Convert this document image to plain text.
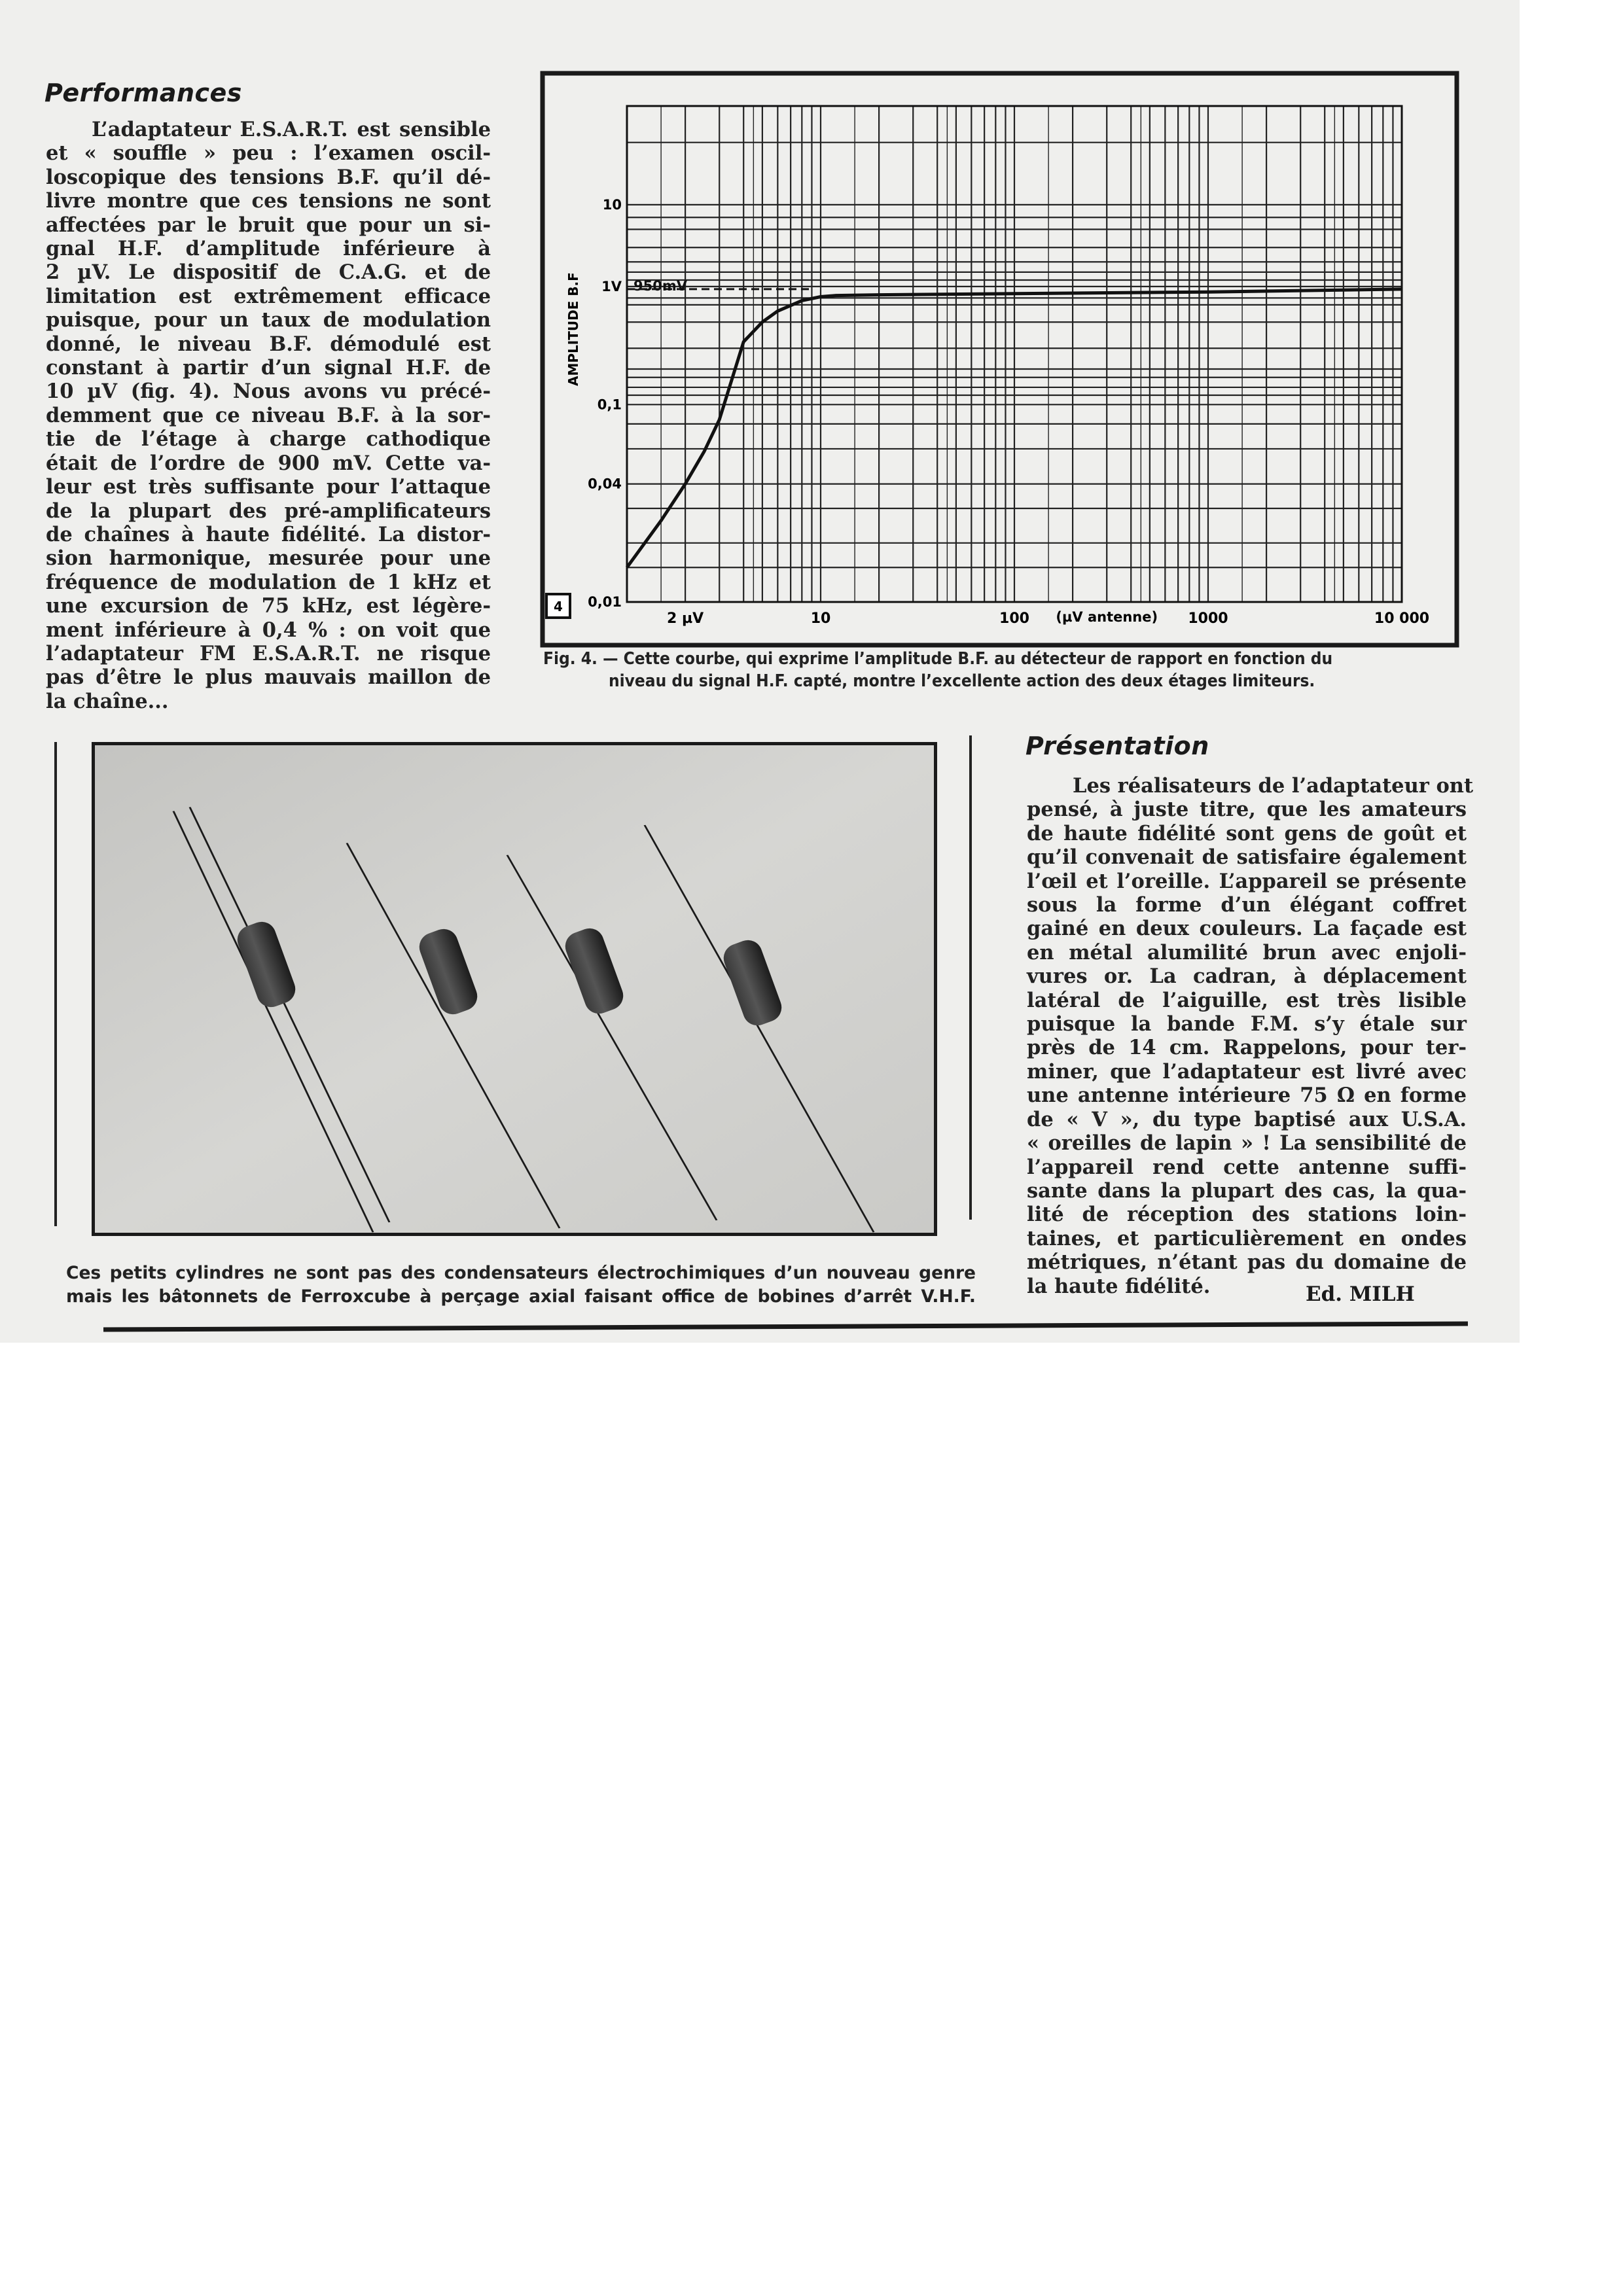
Performances
L’adaptateur E.S.A.R.T. est sensible
et « souffle » peu : l’examen oscil-
loscopique des tensions B.F. qu’il dé-
livre montre que ces tensions ne sont
affectées par le bruit que pour un si-
gnal H.F. d’amplitude inférieure à
2 µV. Le dispositif de C.A.G. et de
limitation est extrêmement efficace
puisque, pour un taux de modulation
donné, le niveau B.F. démodulé est
constant à partir d’un signal H.F. de
10 µV (fig. 4). Nous avons vu précé-
demment que ce niveau B.F. à la sor-
tie de l’étage à charge cathodique
était de l’ordre de 900 mV. Cette va-
leur est très suffisante pour l’attaque
de la plupart des pré-amplificateurs
de chaînes à haute fidélité. La distor-
sion harmonique, mesurée pour une
fréquence de modulation de 1 kHz et
une excursion de 75 kHz, est légère-
ment inférieure à 0,4 % : on voit que
l’adaptateur FM E.S.A.R.T. ne risque
pas d’être le plus mauvais maillon de
la chaîne...
2 µV	10	100	1000	10 000
0,01
0,04
0,1
1V
10
(µV antenne)
AMPLITUDE B.F	950mV
4
Fig. 4. — Cette courbe, qui exprime l’amplitude B.F. au détecteur de rapport en fonction du
niveau du signal H.F. capté, montre l’excellente action des deux étages limiteurs.
Ces petits cylindres ne sont pas des condensateurs électrochimiques d’un nouveau genre
mais les bâtonnets de Ferroxcube à perçage axial faisant office de bobines d’arrêt V.H.F.
Présentation
Les réalisateurs de l’adaptateur ont
pensé, à juste titre, que les amateurs
de haute fidélité sont gens de goût et
qu’il convenait de satisfaire également
l’œil et l’oreille. L’appareil se présente
sous la forme d’un élégant coffret
gainé en deux couleurs. La façade est
en métal alumilité brun avec enjoli-
vures or. La cadran, à déplacement
latéral de l’aiguille, est très lisible
puisque la bande F.M. s’y étale sur
près de 14 cm. Rappelons, pour ter-
miner, que l’adaptateur est livré avec
une antenne intérieure 75 Ω en forme
de « V », du type baptisé aux U.S.A.
« oreilles de lapin » ! La sensibilité de
l’appareil rend cette antenne suffi-
sante dans la plupart des cas, la qua-
lité de réception des stations loin-
taines, et particulièrement en ondes
métriques, n’étant pas du domaine de
la haute fidélité.	Ed. MILH
